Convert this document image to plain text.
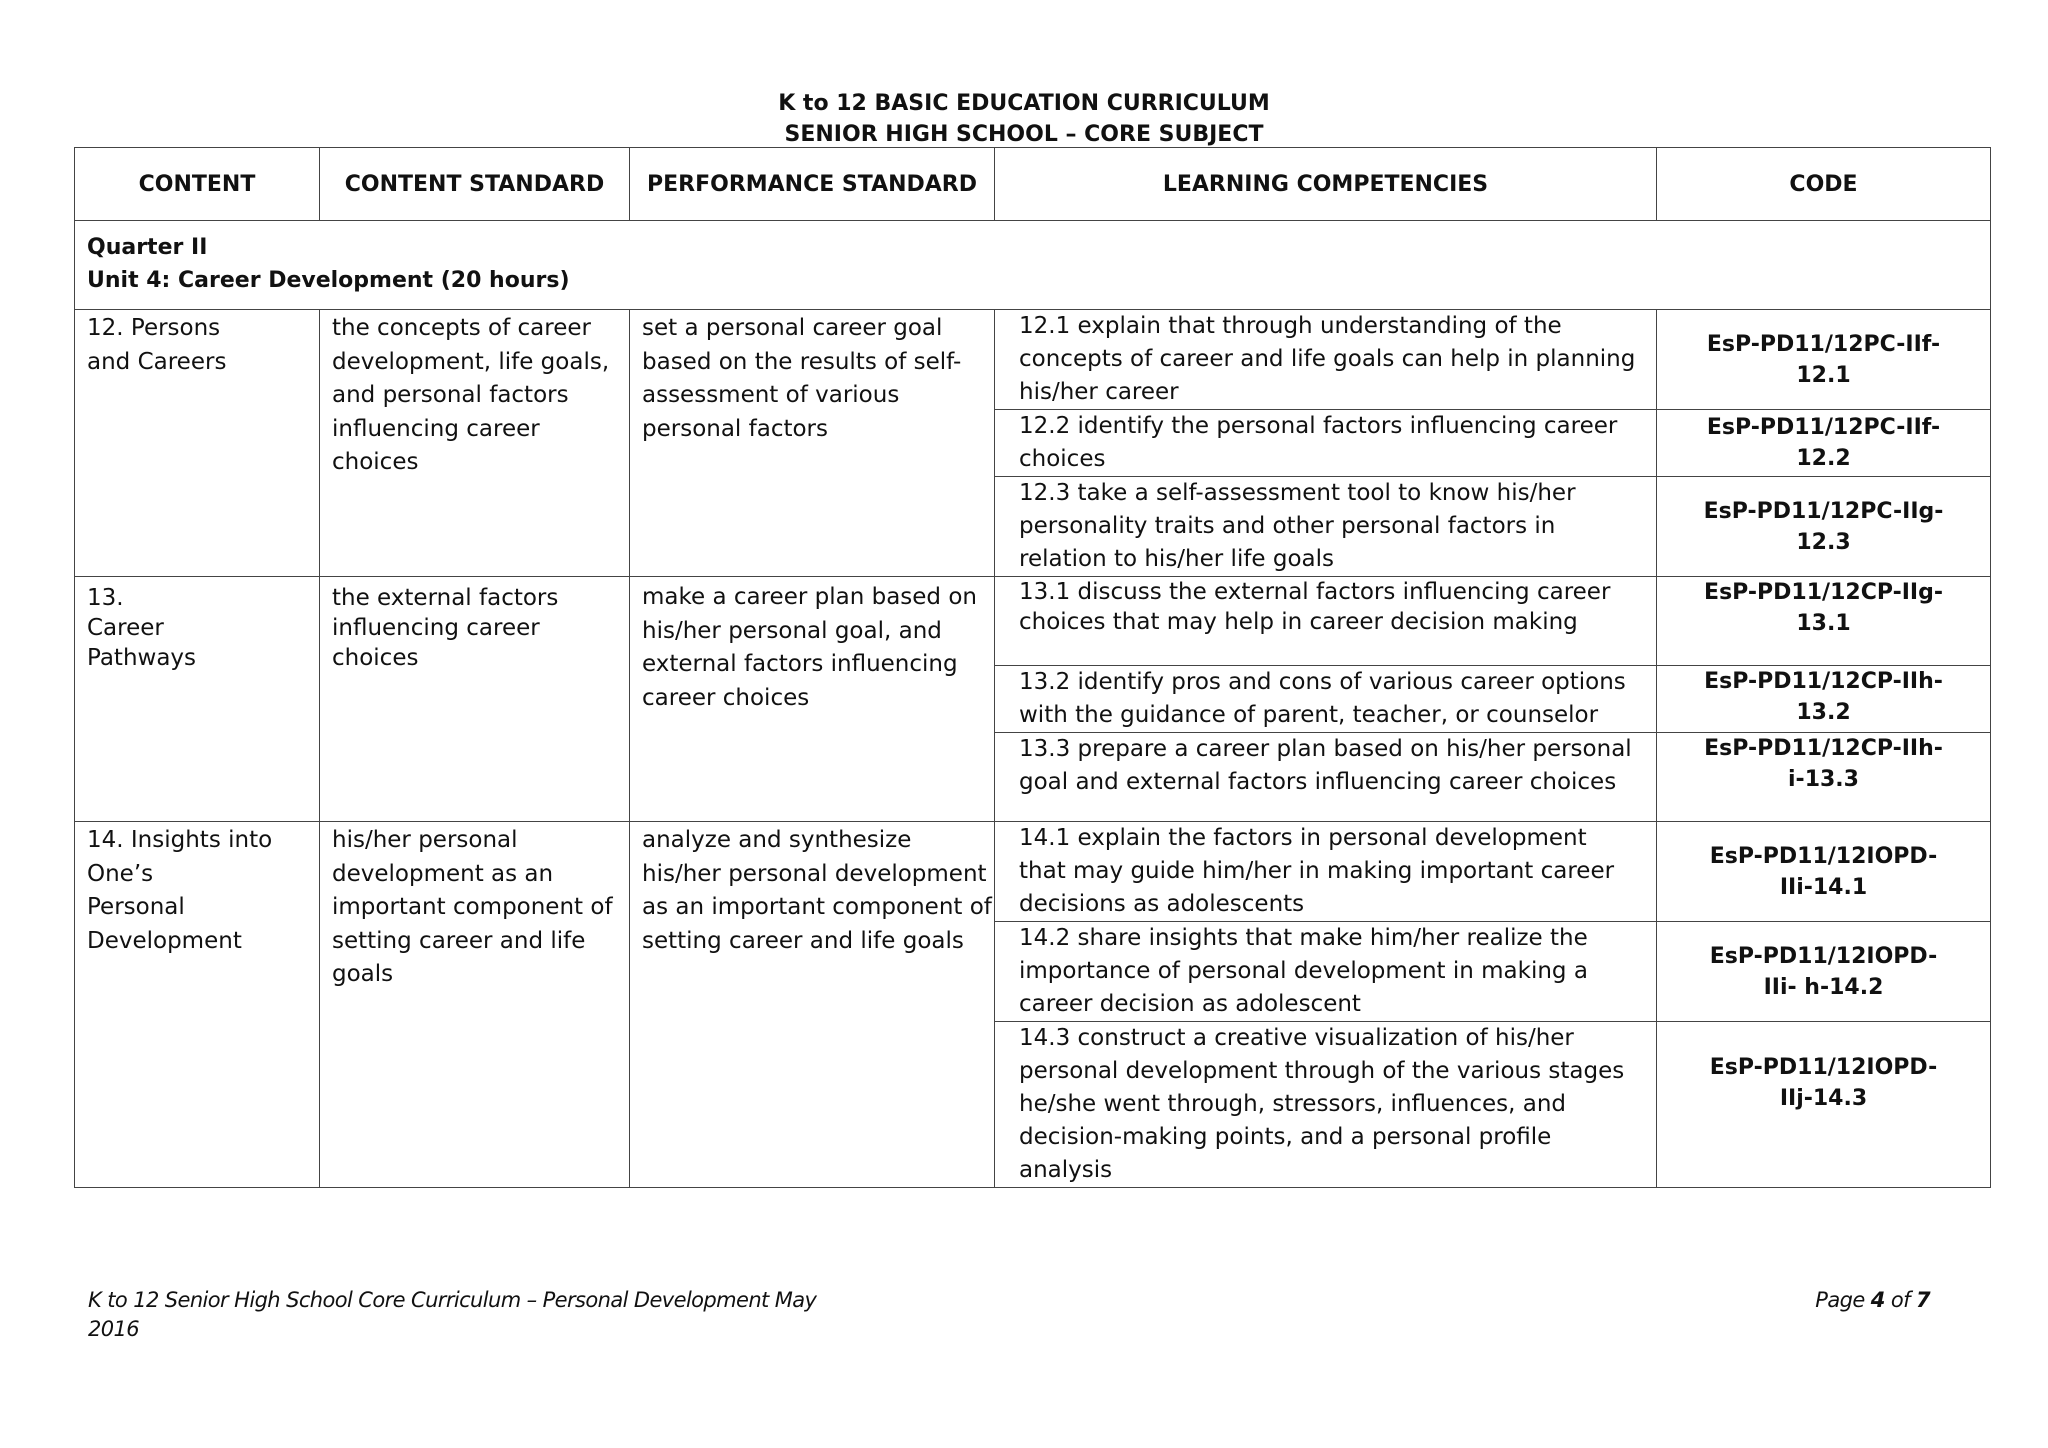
K to 12 BASIC EDUCATION CURRICULUM
SENIOR HIGH SCHOOL – CORE SUBJECT
CONTENT	CONTENT STANDARD	PERFORMANCE STANDARD	LEARNING COMPETENCIES	CODE

Quarter II
Unit 4: Career Development (20 hours)				

12. Persons
and Careers	the concepts of career development, life goals, and personal factors influencing career choices	set a personal career goal based on the results of self- assessment of various personal factors	12.1 explain that through understanding of the concepts of career and life goals can help in planning his/her career	EsP-PD11/12PC-IIf-12.1

			12.2 identify the personal factors influencing career choices	EsP-PD11/12PC-IIf-12.2

			12.3 take a self-assessment tool to know his/her personality traits and other personal factors in relation to his/her life goals	EsP-PD11/12PC-IIg-12.3

13.
Career
Pathways	the external factors influencing career choices	make a career plan based on his/her personal goal, and external factors influencing career choices	13.1 discuss the external factors influencing career choices that may help in career decision making	EsP-PD11/12CP-IIg-13.1

			13.2 identify pros and cons of various career options with the guidance of parent, teacher, or counselor	EsP-PD11/12CP-IIh-13.2

			13.3 prepare a career plan based on his/her personal goal and external factors influencing career choices	EsP-PD11/12CP-IIh-i-13.3

14. Insights into
One’s
Personal
Development	his/her personal development as an important component of setting career and life goals	analyze and synthesize his/her personal development as an important component of setting career and life goals	14.1 explain the factors in personal development that may guide him/her in making important career decisions as adolescents	EsP-PD11/12IOPD-IIi-14.1

			14.2 share insights that make him/her realize the importance of personal development in making a career decision as adolescent	EsP-PD11/12IOPD-IIi- h-14.2

			14.3 construct a creative visualization of his/her personal development through of the various stages he/she went through, stressors, influences, and decision-making points, and a personal profile analysis	EsP-PD11/12IOPD-IIj-14.3
K to 12 Senior High School Core Curriculum – Personal Development May 2016
Page 4 of 7
